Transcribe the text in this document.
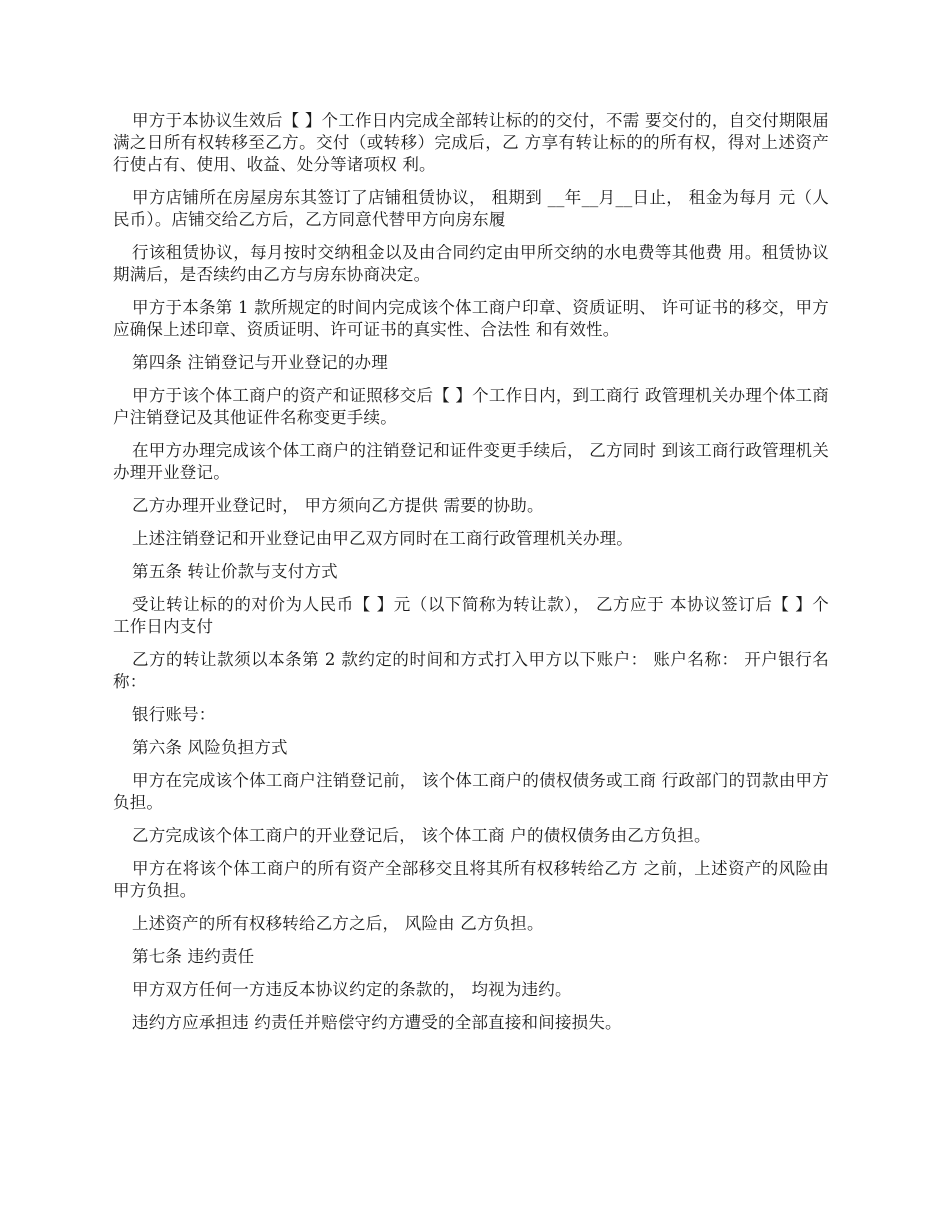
甲方于本协议生效后【 】个工作日内完成全部转让标的的交付，不需 要交付的，自交付期限届满之日所有权转移至乙方。交付（或转移）完成后，乙 方享有转让标的的所有权，得对上述资产行使占有、使用、收益、处分等诸项权 利。

甲方店铺所在房屋房东其签订了店铺租赁协议， 租期到 __年__月__日止， 租金为每月 元（人民币）。店铺交给乙方后，乙方同意代替甲方向房东履

行该租赁协议，每月按时交纳租金以及由合同约定由甲所交纳的水电费等其他费 用。租赁协议期满后，是否续约由乙方与房东协商决定。

甲方于本条第 1 款所规定的时间内完成该个体工商户印章、资质证明、 许可证书的移交，甲方应确保上述印章、资质证明、许可证书的真实性、合法性 和有效性。

第四条 注销登记与开业登记的办理

甲方于该个体工商户的资产和证照移交后【 】个工作日内，到工商行 政管理机关办理个体工商户注销登记及其他证件名称变更手续。

在甲方办理完成该个体工商户的注销登记和证件变更手续后， 乙方同时 到该工商行政管理机关办理开业登记。

乙方办理开业登记时， 甲方须向乙方提供 需要的协助。

上述注销登记和开业登记由甲乙双方同时在工商行政管理机关办理。

第五条 转让价款与支付方式

受让转让标的的对价为人民币【 】元（以下简称为转让款）， 乙方应于 本协议签订后【 】个工作日内支付

乙方的转让款须以本条第 2 款约定的时间和方式打入甲方以下账户： 账户名称： 开户银行名称：

银行账号：

第六条 风险负担方式

甲方在完成该个体工商户注销登记前， 该个体工商户的债权债务或工商 行政部门的罚款由甲方负担。

乙方完成该个体工商户的开业登记后， 该个体工商 户的债权债务由乙方负担。

甲方在将该个体工商户的所有资产全部移交且将其所有权移转给乙方 之前，上述资产的风险由甲方负担。

上述资产的所有权移转给乙方之后， 风险由 乙方负担。

第七条 违约责任

甲方双方任何一方违反本协议约定的条款的， 均视为违约。

违约方应承担违 约责任并赔偿守约方遭受的全部直接和间接损失。
